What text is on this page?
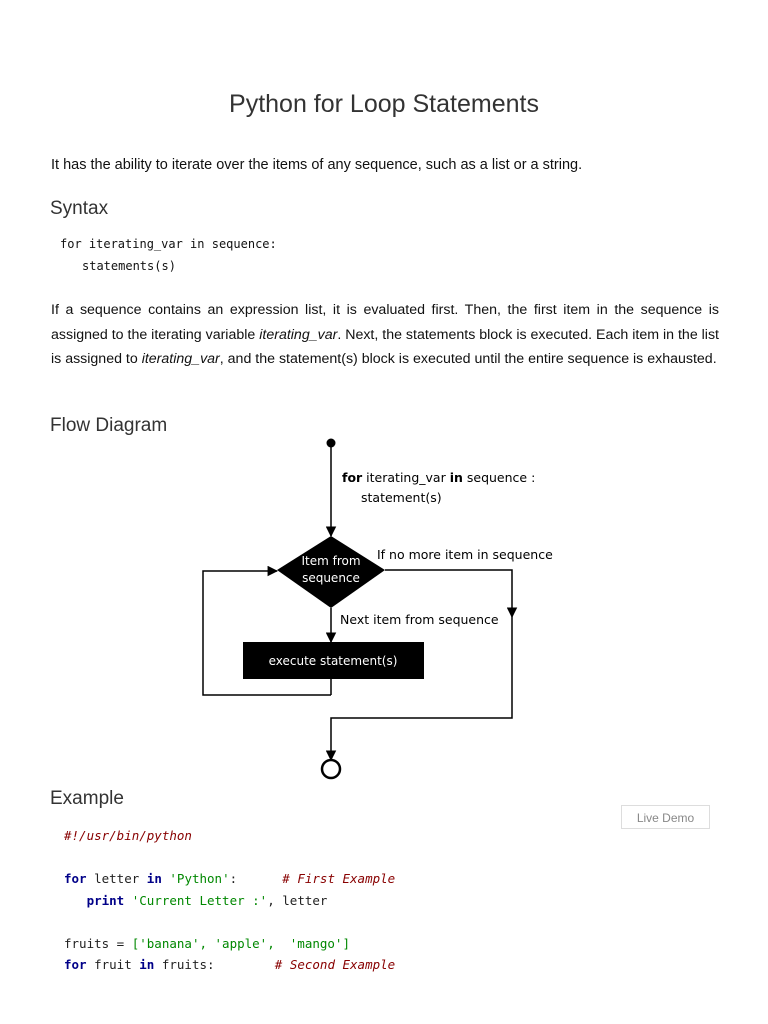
Python for Loop Statements

It has the ability to iterate over the items of any sequence, such as a list or a string.

Syntax
for iterating_var in sequence:
statements(s)

If a sequence contains an expression list, it is evaluated first. Then, the first item in the sequence is assigned to the iterating variable iterating_var. Next, the statements block is executed. Each item in the list is assigned to iterating_var, and the statement(s) block is executed until the entire sequence is exhausted.

Flow Diagram
for iterating_var in sequence :
statement(s)
Item from
sequence
If no more item in sequence
Next item from sequence
execute statement(s)
Example
Live Demo
#!/usr/bin/python
for letter in 'Python':	# First Example
print 'Current Letter :', letter
fruits = ['banana', 'apple',  'mango']
for fruit in fruits:	# Second Example
